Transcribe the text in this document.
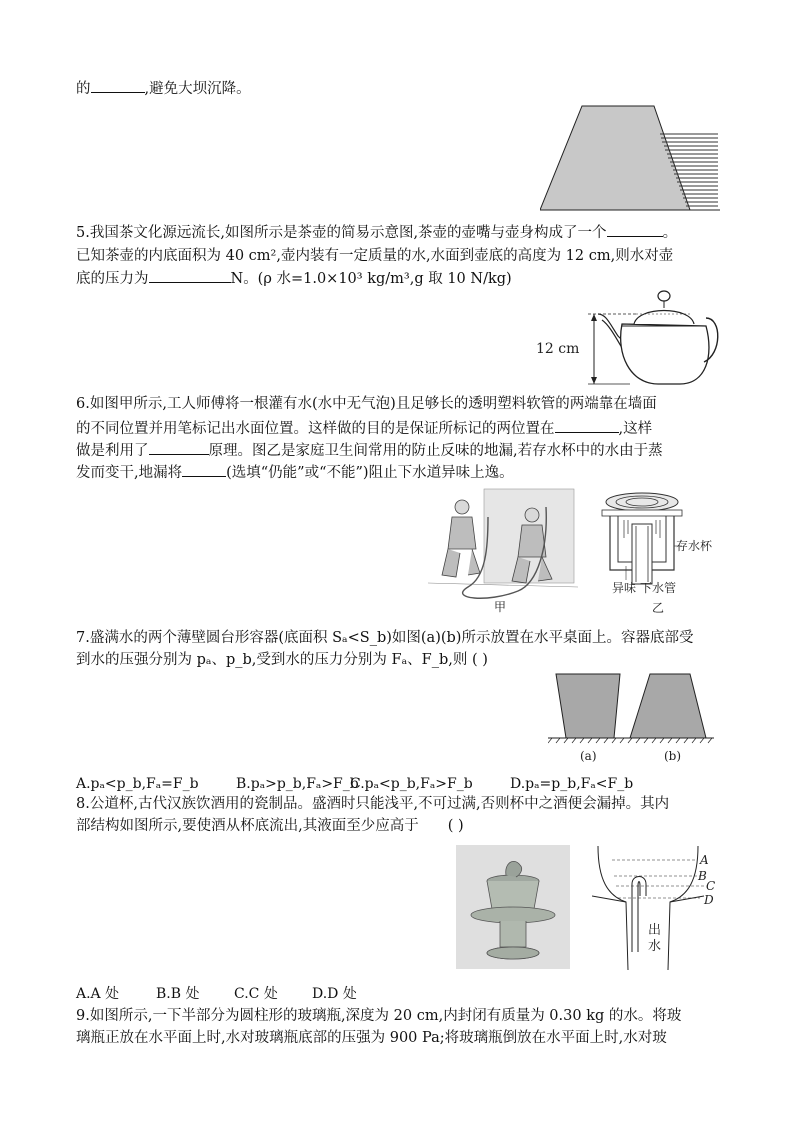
的	,避免大坝沉降。
5.我国茶文化源远流长,如图所示是茶壶的简易示意图,茶壶的壶嘴与壶身构成了一个	。
已知茶壶的内底面积为 40 cm²,壶内装有一定质量的水,水面到壶底的高度为 12 cm,则水对壶
底的压力为	N。(ρ 水=1.0×10³ kg/m³,g 取 10 N/kg)
12 cm
6.如图甲所示,工人师傅将一根灌有水(水中无气泡)且足够长的透明塑料软管的两端靠在墙面
的不同位置并用笔标记出水面位置。这样做的目的是保证所标记的两位置在	,这样
做是利用了	原理。图乙是家庭卫生间常用的防止反味的地漏,若存水杯中的水由于蒸
发而变干,地漏将	(选填“仍能”或“不能”)阻止下水道异味上逸。
甲
存水杯
异味 下水管
乙
7.盛满水的两个薄壁圆台形容器(底面积 Sₐ<S_b)如图(a)(b)所示放置在水平桌面上。容器底部受
到水的压强分别为 pₐ、p_b,受到水的压力分别为 Fₐ、F_b,则 ( )
(a)	(b)
A.pₐ<p_b,Fₐ=F_b	B.pₐ>p_b,Fₐ>F_b
C.pₐ<p_b,Fₐ>F_b	D.pₐ=p_b,Fₐ<F_b
8.公道杯,古代汉族饮酒用的瓷制品。盛酒时只能浅平,不可过满,否则杯中之酒便会漏掉。其内
部结构如图所示,要使酒从杯底流出,其液面至少应高于　　( )
A
B
C
D
出
水
A.A 处	B.B 处 C.C 处 D.D 处
9.如图所示,一下半部分为圆柱形的玻璃瓶,深度为 20 cm,内封闭有质量为 0.30 kg 的水。将玻
璃瓶正放在水平面上时,水对玻璃瓶底部的压强为 900 Pa;将玻璃瓶倒放在水平面上时,水对玻
